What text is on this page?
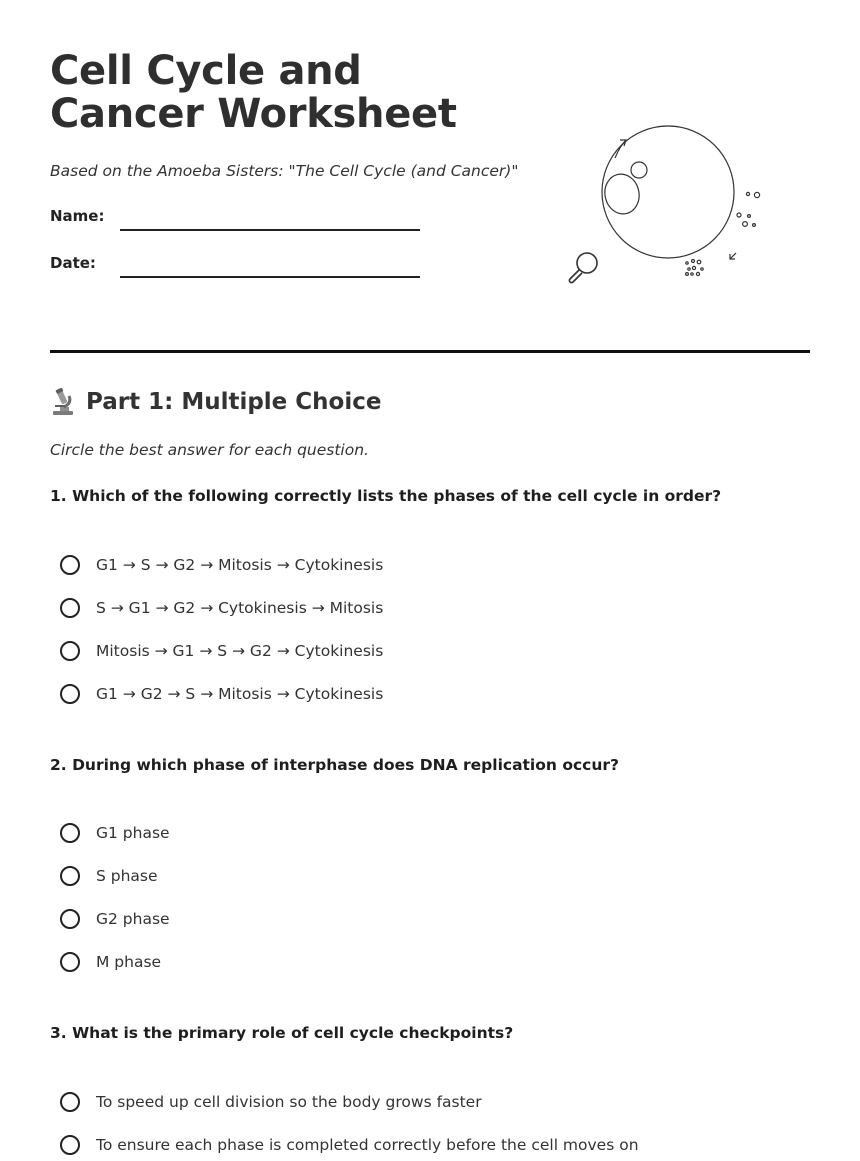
Cell Cycle and Cancer Worksheet
Based on the Amoeba Sisters: "The Cell Cycle (and Cancer)"
Name:
Date:
Part 1: Multiple Choice
Circle the best answer for each question.
1. Which of the following correctly lists the phases of the cell cycle in order?
G1 → S → G2 → Mitosis → Cytokinesis
S → G1 → G2 → Cytokinesis → Mitosis
Mitosis → G1 → S → G2 → Cytokinesis
G1 → G2 → S → Mitosis → Cytokinesis
2. During which phase of interphase does DNA replication occur?
G1 phase
S phase
G2 phase
M phase
3. What is the primary role of cell cycle checkpoints?
To speed up cell division so the body grows faster
To ensure each phase is completed correctly before the cell moves on
